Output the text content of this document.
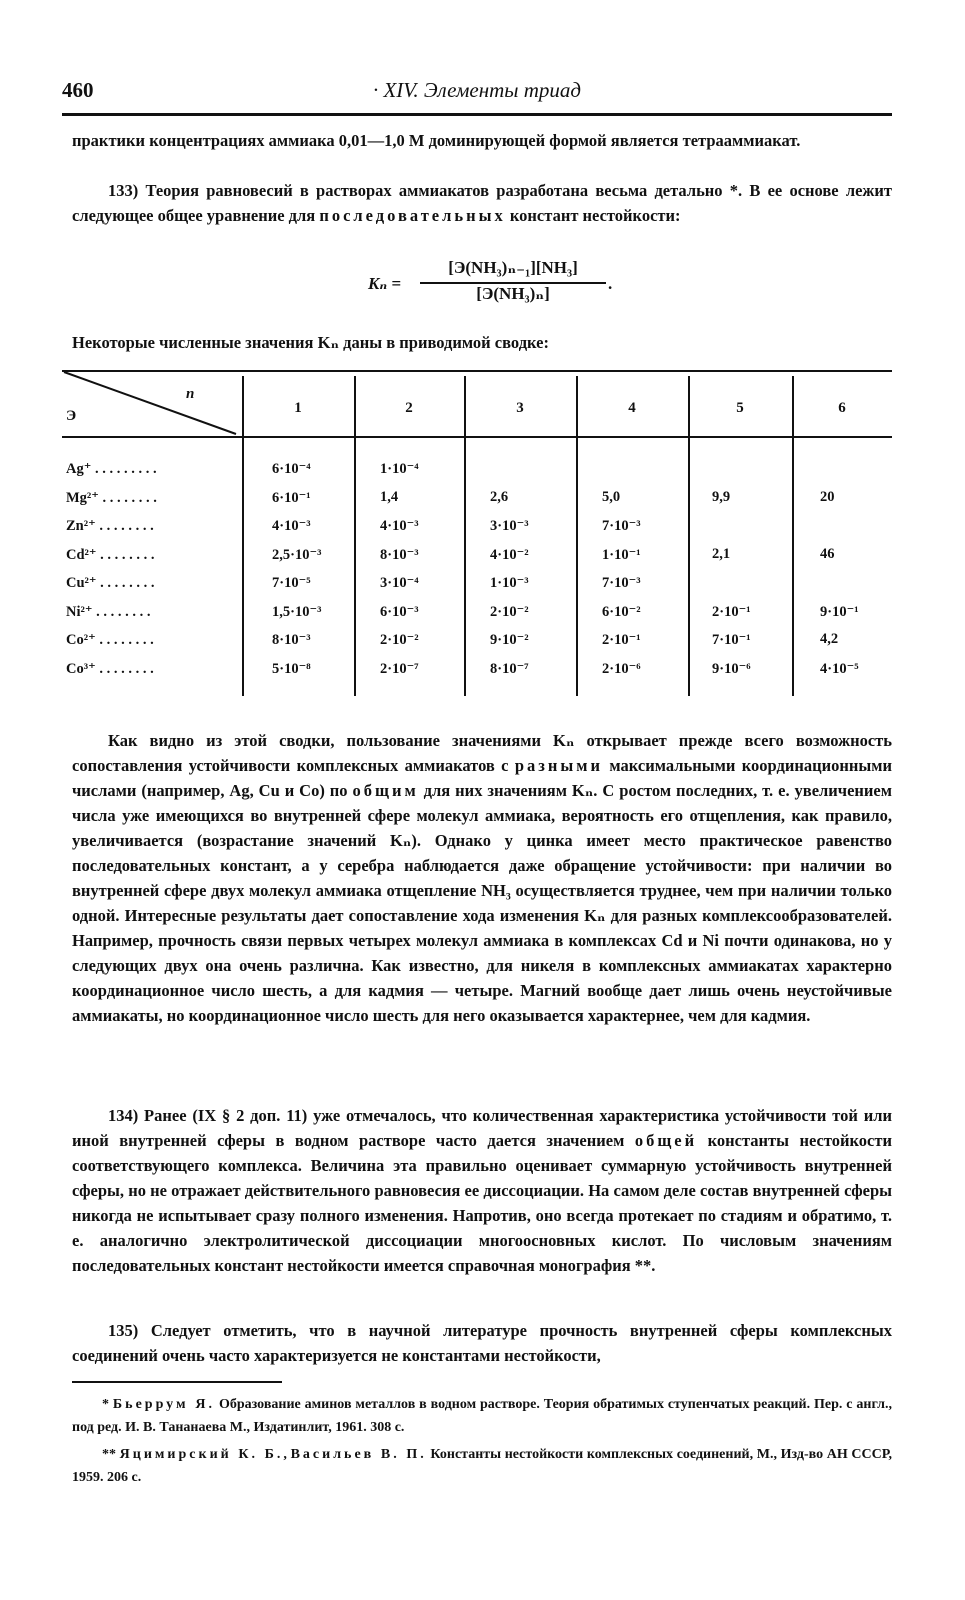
460	· XIV. Элементы триад
практики концентрациях аммиака 0,01—1,0 М доминирующей формой является тетрааммиакат.
133) Теория равновесий в растворах аммиакатов разработана весьма детально *. В ее основе лежит следующее общее уравнение для последовательных констант нестойкости:
Kₙ =
[Э(NH₃)ₙ₋₁][NH₃]
[Э(NH₃)ₙ]
.
Некоторые численные значения Kₙ даны в приводимой сводке:
Э
n
1	2	3	4	5	6
Ag⁺ . . . . . . . . .	6·10⁻⁴	1·10⁻⁴
Mg²⁺ . . . . . . . .	6·10⁻¹	1,4	2,6	5,0	9,9	20
Zn²⁺ . . . . . . . .	4·10⁻³	4·10⁻³	3·10⁻³	7·10⁻³
Cd²⁺ . . . . . . . .	2,5·10⁻³	8·10⁻³	4·10⁻²	1·10⁻¹	2,1	46
Cu²⁺ . . . . . . . .	7·10⁻⁵	3·10⁻⁴	1·10⁻³	7·10⁻³
Ni²⁺ . . . . . . . .	1,5·10⁻³	6·10⁻³	2·10⁻²	6·10⁻²	2·10⁻¹	9·10⁻¹
Co²⁺ . . . . . . . .	8·10⁻³	2·10⁻²	9·10⁻²	2·10⁻¹	7·10⁻¹	4,2
Co³⁺ . . . . . . . .	5·10⁻⁸	2·10⁻⁷	8·10⁻⁷	2·10⁻⁶	9·10⁻⁶	4·10⁻⁵
Как видно из этой сводки, пользование значениями Kₙ открывает прежде всего возможность сопоставления устойчивости комплексных аммиакатов с разными максимальными координационными числами (например, Ag, Cu и Co) по общим для них значениям Kₙ. С ростом последних, т. е. увеличением числа уже имеющихся во внутренней сфере молекул аммиака, вероятность его отщепления, как правило, увеличивается (возрастание значений Kₙ). Однако у цинка имеет место практическое равенство последовательных констант, а у серебра наблюдается даже обращение устойчивости: при наличии во внутренней сфере двух молекул аммиака отщепление NH₃ осуществляется труднее, чем при наличии только одной. Интересные результаты дает сопоставление хода изменения Kₙ для разных комплексообразователей. Например, прочность связи первых четырех молекул аммиака в комплексах Cd и Ni почти одинакова, но у следующих двух она очень различна. Как известно, для никеля в комплексных аммиакатах характерно координационное число шесть, а для кадмия — четыре. Магний вообще дает лишь очень неустойчивые аммиакаты, но координационное число шесть для него оказывается характернее, чем для кадмия.
134) Ранее (IX § 2 доп. 11) уже отмечалось, что количественная характеристика устойчивости той или иной внутренней сферы в водном растворе часто дается значением общей константы нестойкости соответствующего комплекса. Величина эта правильно оценивает суммарную устойчивость внутренней сферы, но не отражает действительного равновесия ее диссоциации. На самом деле состав внутренней сферы никогда не испытывает сразу полного изменения. Напротив, оно всегда протекает по стадиям и обратимо, т. е. аналогично электролитической диссоциации многоосновных кислот. По числовым значениям последовательных констант нестойкости имеется справочная монография **.
135) Следует отметить, что в научной литературе прочность внутренней сферы комплексных соединений очень часто характеризуется не константами нестойкости,
* Бьеррум Я. Образование аминов металлов в водном растворе. Теория обратимых ступенчатых реакций. Пер. с англ., под ред. И. В. Тананаева М., Издатинлит, 1961. 308 с.
** Яцимирский К. Б., Васильев В. П. Константы нестойкости комплексных соединений, М., Изд-во АН СССР, 1959. 206 с.
